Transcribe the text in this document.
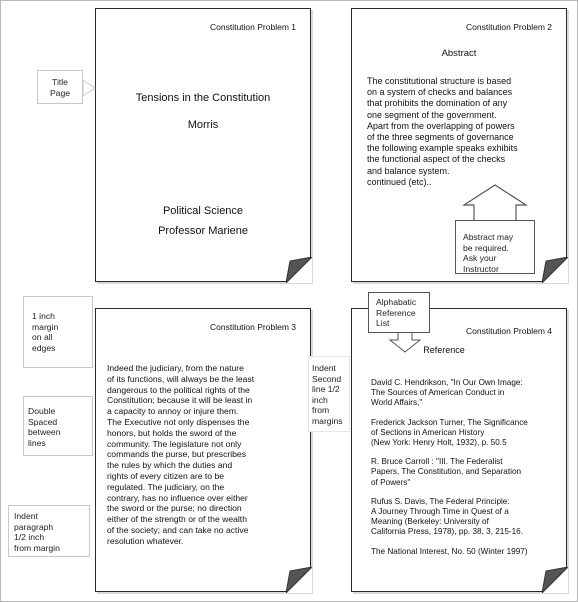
Constitution Problem 1
Tensions in the Constitution
Morris
Political Science
Professor Mariene
Constitution Problem 2
Abstract
The constitutional structure is based
on a system of checks and balances
that prohibits the domination of any
one segment of the government.
Apart from the overlapping of powers
of the three segments of governance
the following example speaks exhibits
the functional aspect of the checks
and balance system.
continued (etc)..
Constitution Problem 3
Indeed the judiciary, from the nature
of its functions, will always be the least
dangerous to the political rights of the
Constitution; because it will be least in
a capacity to annoy or injure them.
The Executive not only dispenses the
honors, but holds the sword of the
community. The legislature not only
commands the purse, but prescribes
the rules by which the duties and
rights of every citizen are to be
regulated. The judiciary, on the
contrary, has no influence over either
the sword or the purse; no direction
either of the strength or of the wealth
of the society; and can take no active
resolution whatever.
Constitution Problem 4
Reference
David C. Hendrikson, "In Our Own Image:
The Sources of American Conduct in
World Affairs,"
Frederick Jackson Turner, The Significance
of Sections in American History
(New York: Henry Holt, 1932), p. 50.5
R. Bruce Carroll : "III. The Federalist
Papers, The Constitution, and Separation
of Powers"
Rufus S. Davis, The Federal Principle:
A Journey Through Time in Quest of a
Meaning (Berkeley: University of
California Press, 1978), pp. 38, 3, 215-16.
The National Interest, No. 50 (Winter 1997)
Title
Page
Abstract may
be required.
Ask your
Instructor
1 inch
margin
on all
edges
Double
Spaced
between
lines
Indent
paragraph
1/2 inch
from margin
Indent
Second
line 1/2
inch
from
margins
Alphabatic
Reference
List
